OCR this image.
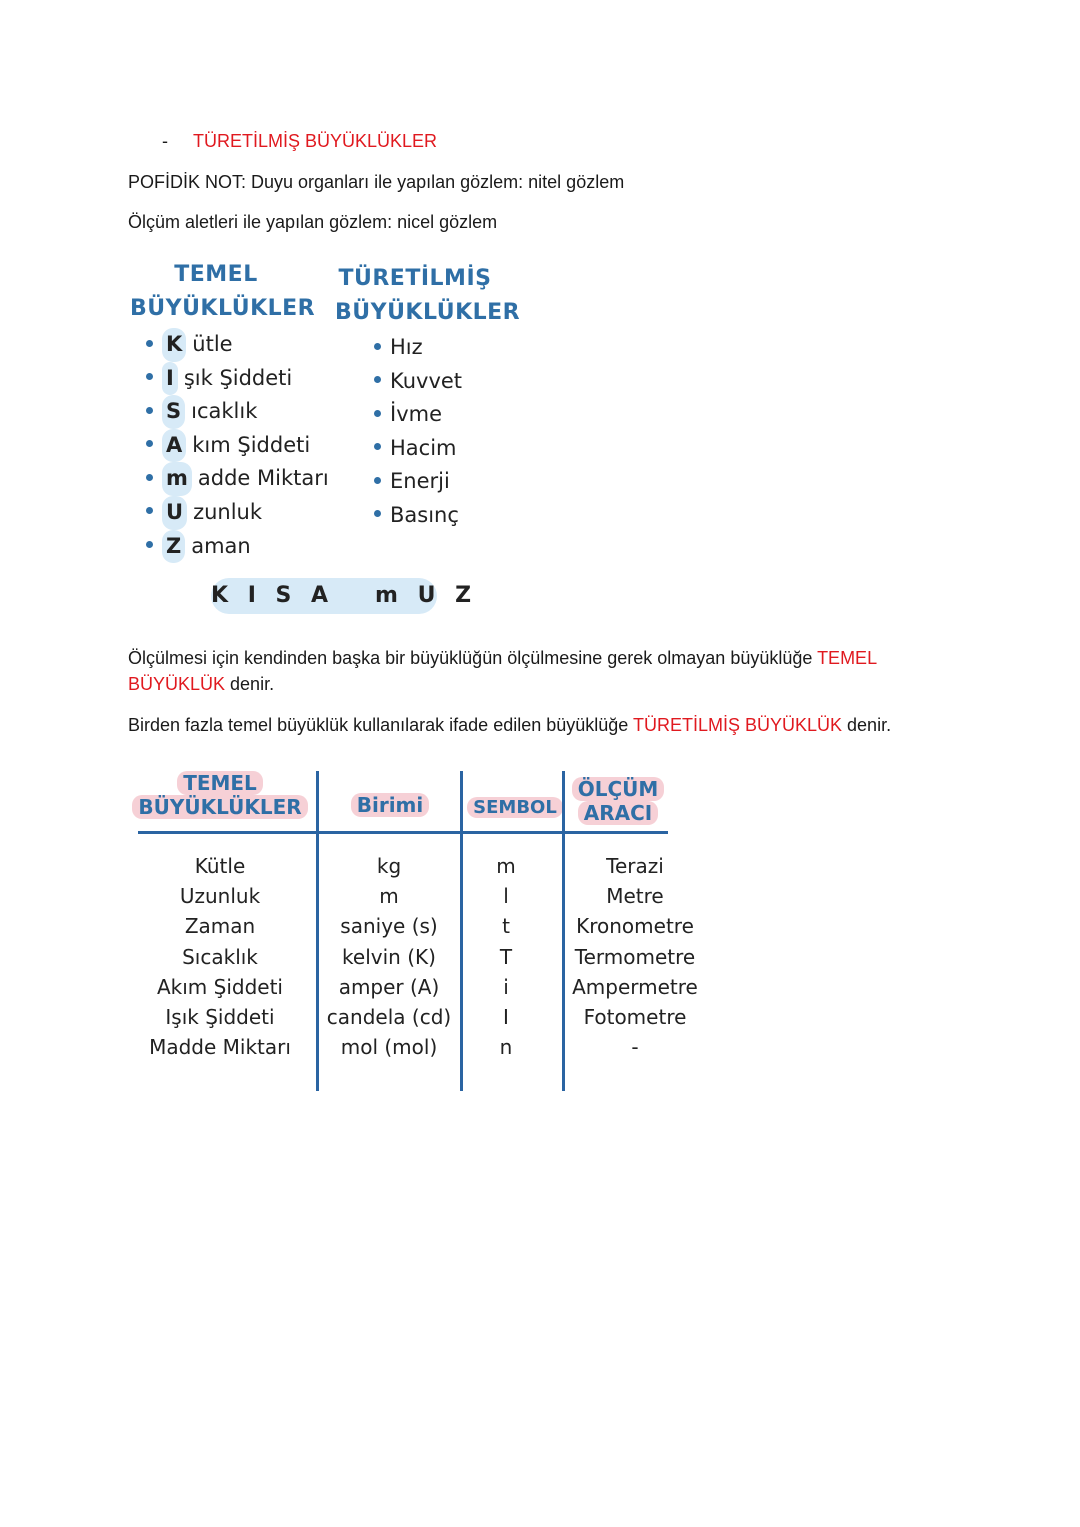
- TÜRETİLMİŞ BÜYÜKLÜKLER
POFİDİK NOT: Duyu organları ile yapılan gözlem: nitel gözlem
Ölçüm aletleri ile yapılan gözlem: nicel gözlem
TEMEL
BÜYÜKLÜKLER
TÜRETİLMİŞ
BÜYÜKLÜKLER
K ütle
I şık Şiddeti
S ıcaklık
A kım Şiddeti
m adde Miktarı
U zunluk
Z aman
Hız
Kuvvet
İvme
Hacim
Enerji
Basınç
K I S A   m U Z
Ölçülmesi için kendinden başka bir büyüklüğün ölçülmesine gerek olmayan büyüklüğe TEMEL
BÜYÜKLÜK denir.
Birden fazla temel büyüklük kullanılarak ifade edilen büyüklüğe TÜRETİLMİŞ BÜYÜKLÜK denir.
TEMEL
BÜYÜKLÜKLER	Birimi	SEMBOL
ÖLÇÜM
ARACI
Kütle
Uzunluk
Zaman
Sıcaklık
Akım Şiddeti
Işık Şiddeti
Madde Miktarı
kg
m
saniye (s)
kelvin (K)
amper (A)
candela (cd)
mol (mol)
m
l
t
T
i
I
n
Terazi
Metre
Kronometre
Termometre
Ampermetre
Fotometre
-
